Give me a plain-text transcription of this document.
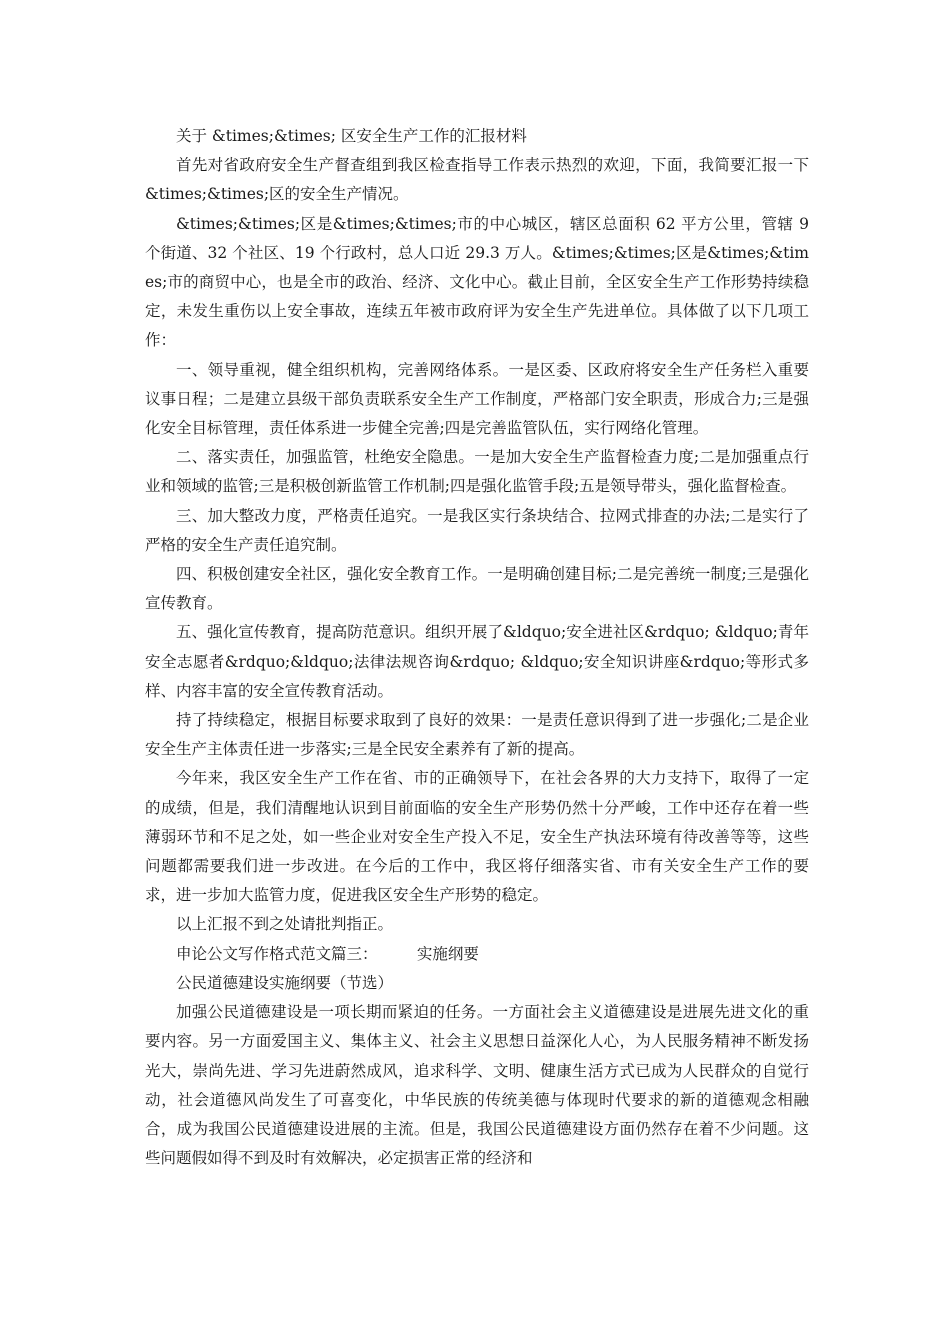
关于 &times;&times; 区安全生产工作的汇报材料

首先对省政府安全生产督查组到我区检查指导工作表示热烈的欢迎，下面，我简要汇报一下&times;&times;区的安全生产情况。

&times;&times;区是&times;&times;市的中心城区，辖区总面积 62 平方公里，管辖 9 个街道、32 个社区、19 个行政村，总人口近 29.3 万人。&times;&times;区是&times;&times;市的商贸中心，也是全市的政治、经济、文化中心。截止目前，全区安全生产工作形势持续稳定，未发生重伤以上安全事故，连续五年被市政府评为安全生产先进单位。具体做了以下几项工作：

一、领导重视，健全组织机构，完善网络体系。一是区委、区政府将安全生产任务栏入重要议事日程；二是建立县级干部负责联系安全生产工作制度，严格部门安全职责，形成合力;三是强化安全目标管理，责任体系进一步健全完善;四是完善监管队伍，实行网络化管理。

二、落实责任，加强监管，杜绝安全隐患。一是加大安全生产监督检查力度;二是加强重点行业和领域的监管;三是积极创新监管工作机制;四是强化监管手段;五是领导带头，强化监督检查。

三、加大整改力度，严格责任追究。一是我区实行条块结合、拉网式排查的办法;二是实行了严格的安全生产责任追究制。

四、积极创建安全社区，强化安全教育工作。一是明确创建目标;二是完善统一制度;三是强化宣传教育。

五、强化宣传教育，提高防范意识。组织开展了&ldquo;安全进社区&rdquo; &ldquo;青年安全志愿者&rdquo;&ldquo;法律法规咨询&rdquo; &ldquo;安全知识讲座&rdquo;等形式多样、内容丰富的安全宣传教育活动。

持了持续稳定，根据目标要求取到了良好的效果：一是责任意识得到了进一步强化;二是企业安全生产主体责任进一步落实;三是全民安全素养有了新的提高。

今年来，我区安全生产工作在省、市的正确领导下，在社会各界的大力支持下，取得了一定的成绩，但是，我们清醒地认识到目前面临的安全生产形势仍然十分严峻，工作中还存在着一些薄弱环节和不足之处，如一些企业对安全生产投入不足，安全生产执法环境有待改善等等，这些问题都需要我们进一步改进。在今后的工作中，我区将仔细落实省、市有关安全生产工作的要求，进一步加大监管力度，促进我区安全生产形势的稳定。

以上汇报不到之处请批判指正。

申论公文写作格式范文篇三：        实施纲要

公民道德建设实施纲要（节选）

加强公民道德建设是一项长期而紧迫的任务。一方面社会主义道德建设是进展先进文化的重要内容。另一方面爱国主义、集体主义、社会主义思想日益深化人心，为人民服务精神不断发扬光大，崇尚先进、学习先进蔚然成风，追求科学、文明、健康生活方式已成为人民群众的自觉行动，社会道德风尚发生了可喜变化，中华民族的传统美德与体现时代要求的新的道德观念相融合，成为我国公民道德建设进展的主流。但是，我国公民道德建设方面仍然存在着不少问题。这些问题假如得不到及时有效解决，必定损害正常的经济和
